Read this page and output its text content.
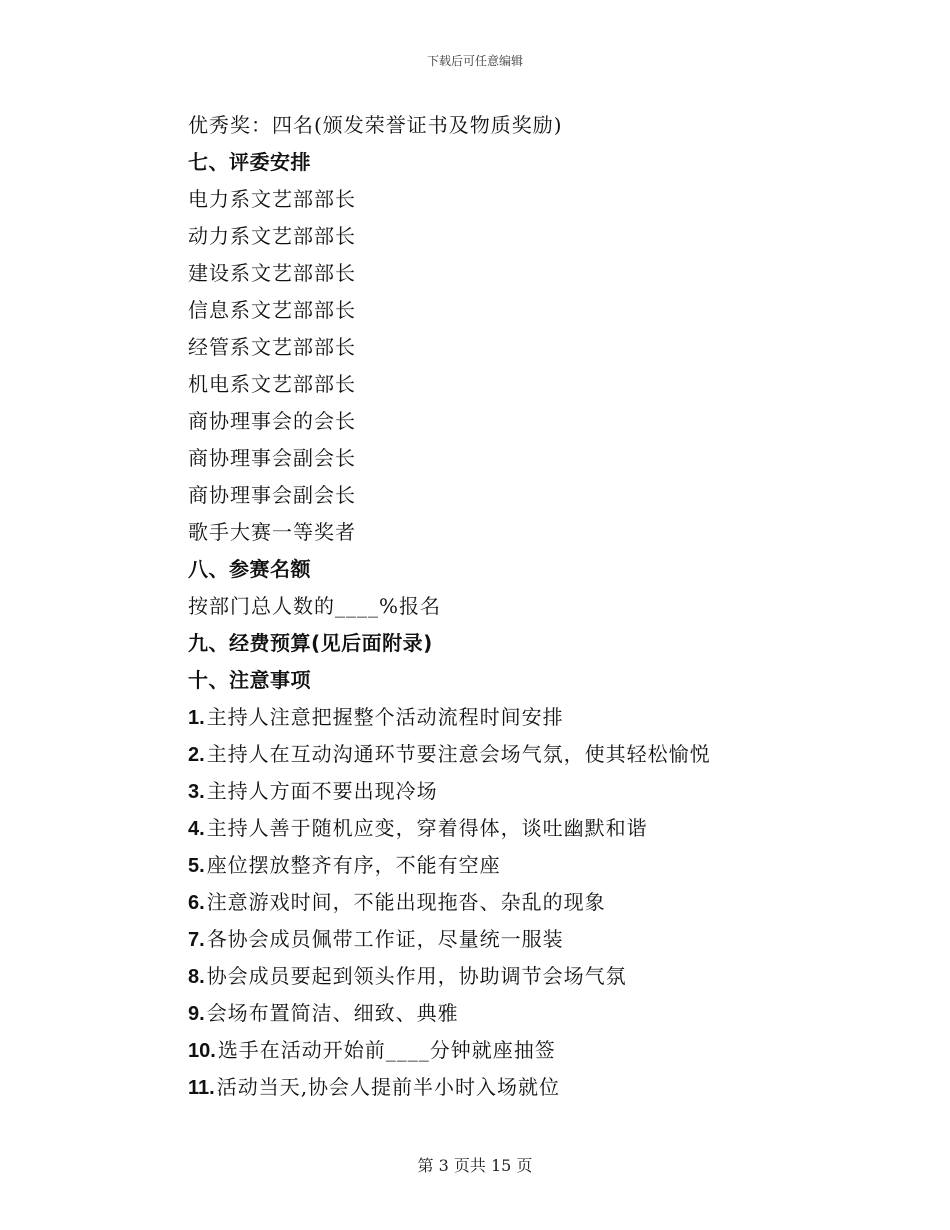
下载后可任意编辑
优秀奖：四名(颁发荣誉证书及物质奖励)
七、评委安排
电力系文艺部部长
动力系文艺部部长
建设系文艺部部长
信息系文艺部部长
经管系文艺部部长
机电系文艺部部长
商协理事会的会长
商协理事会副会长
商协理事会副会长
歌手大赛一等奖者
八、参赛名额
按部门总人数的____%报名
九、经费预算(见后面附录)
十、注意事项
1. 主持人注意把握整个活动流程时间安排
2. 主持人在互动沟通环节要注意会场气氛，使其轻松愉悦
3. 主持人方面不要出现冷场
4. 主持人善于随机应变，穿着得体，谈吐幽默和谐
5. 座位摆放整齐有序，不能有空座
6. 注意游戏时间，不能出现拖沓、杂乱的现象
7. 各协会成员佩带工作证，尽量统一服装
8. 协会成员要起到领头作用，协助调节会场气氛
9. 会场布置简洁、细致、典雅
10. 选手在活动开始前____分钟就座抽签
11. 活动当天,协会人提前半小时入场就位
第 3 页共 15 页
